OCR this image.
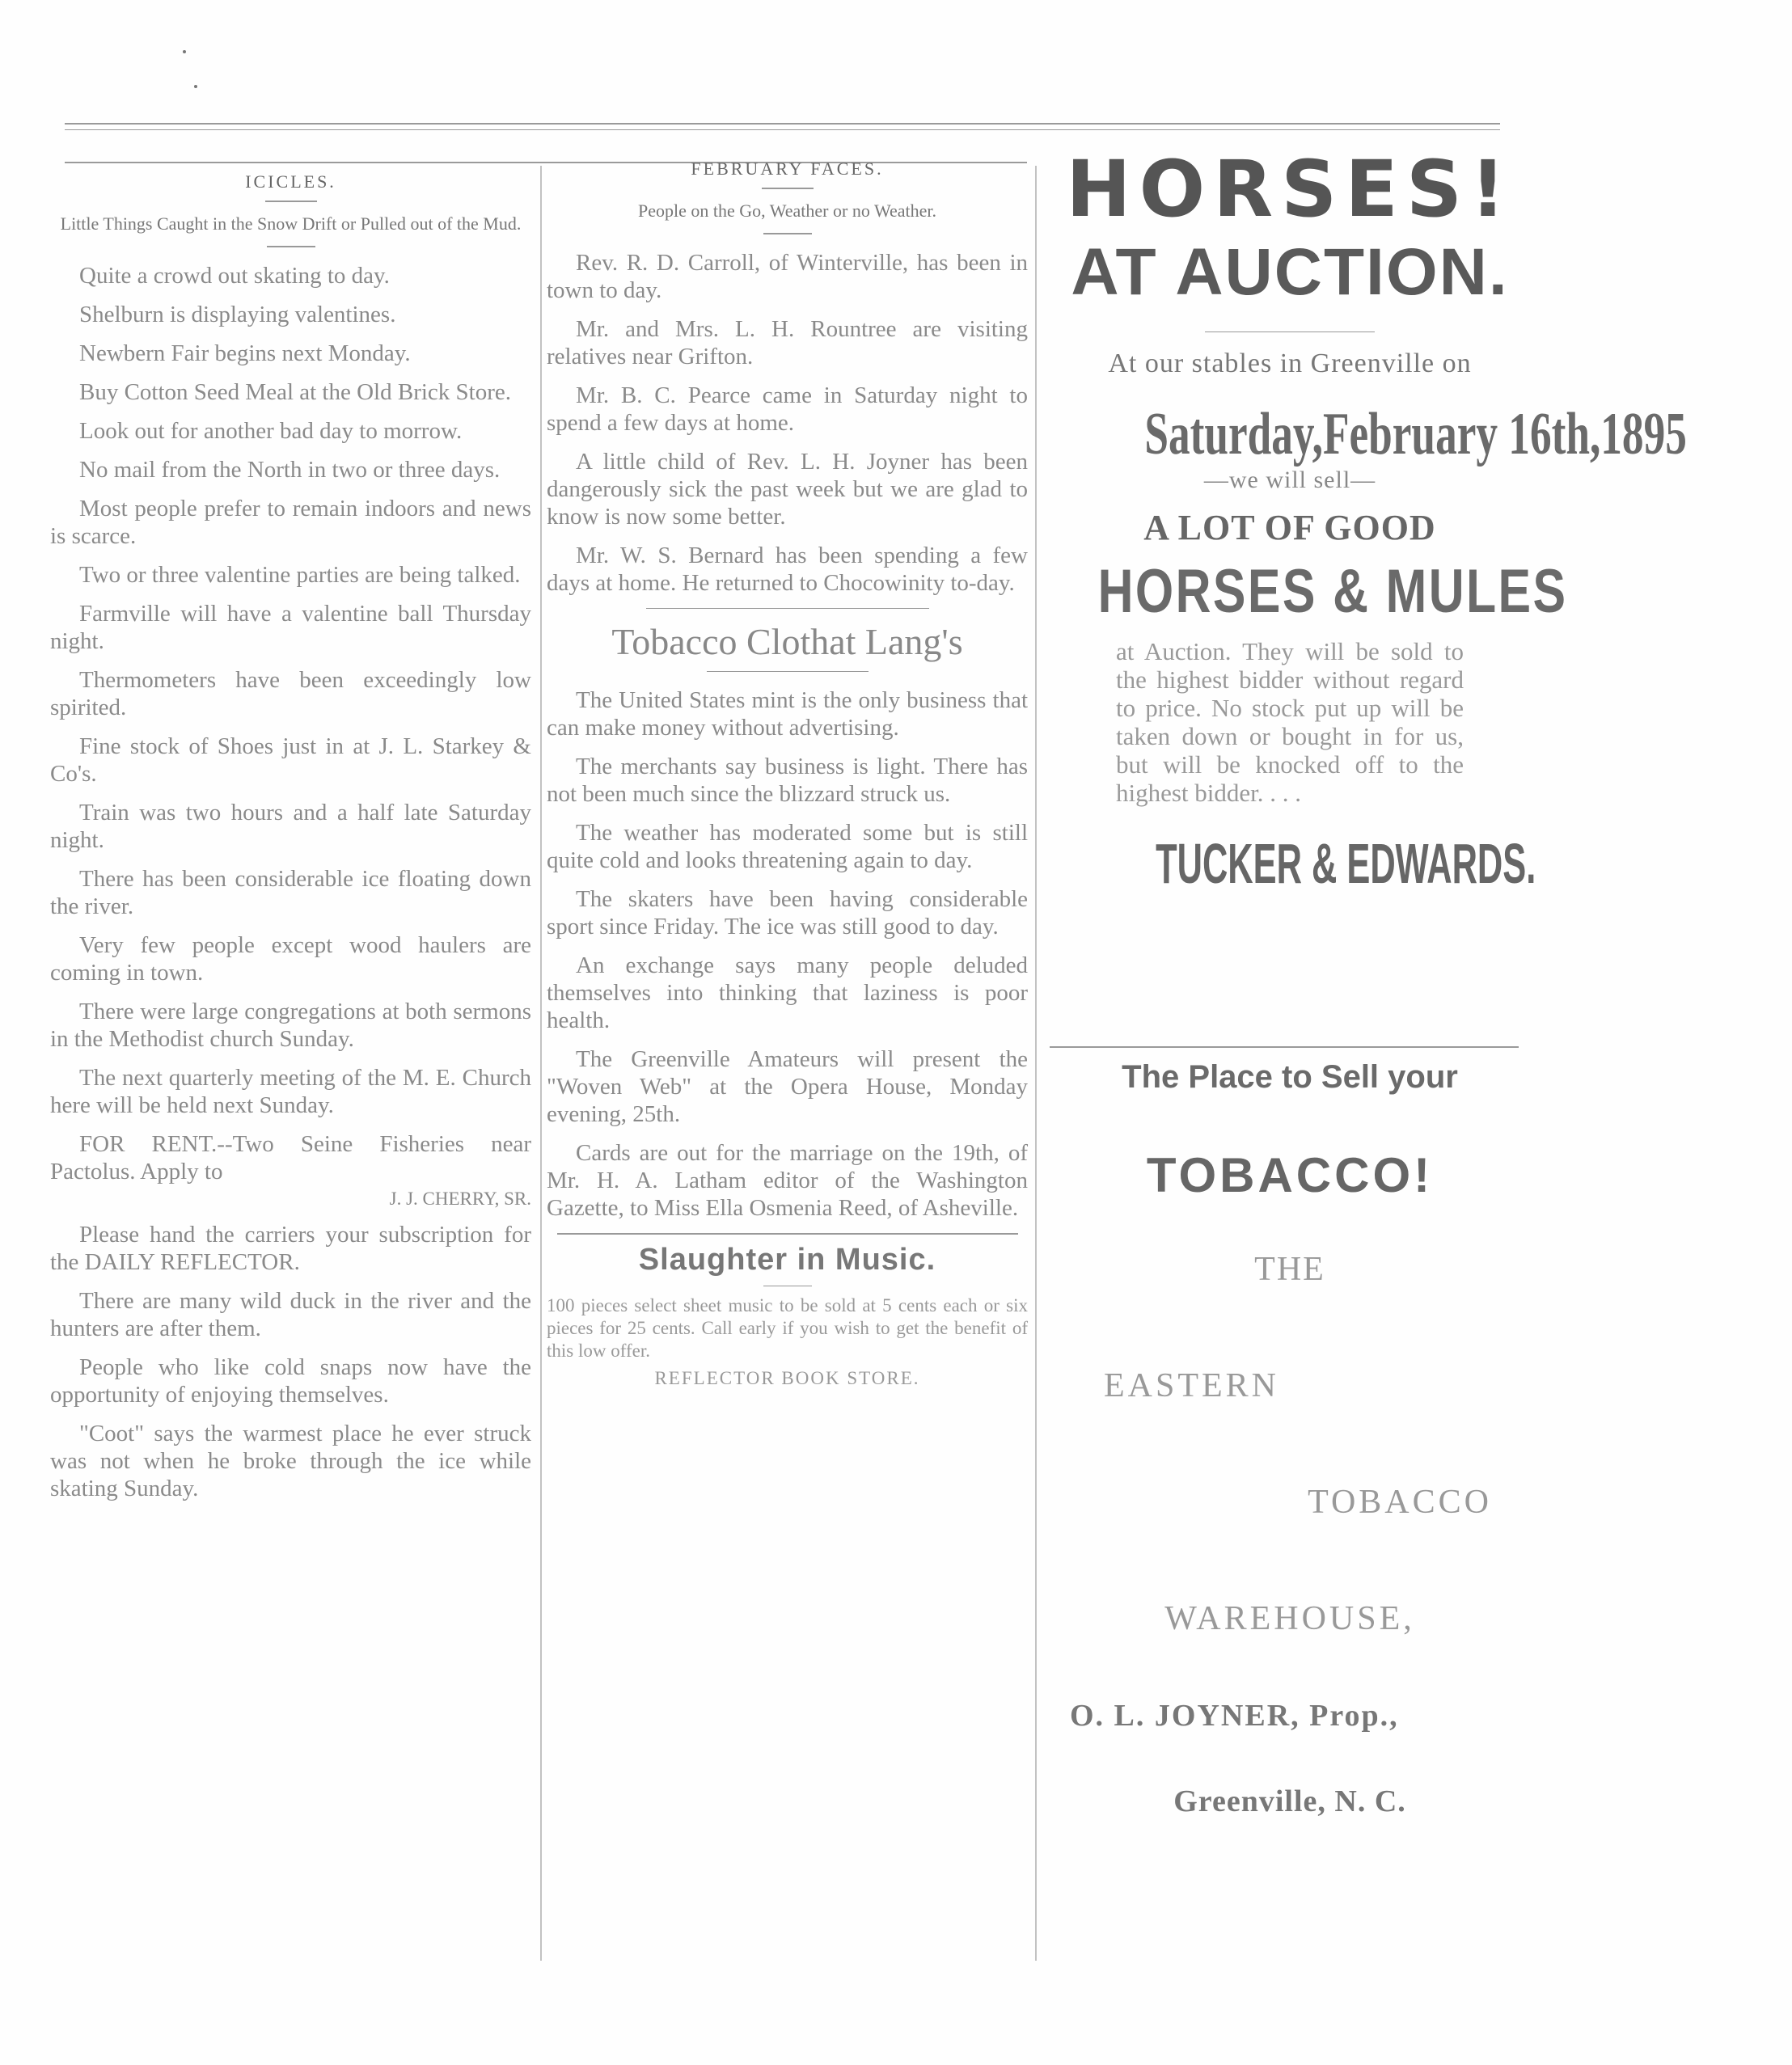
ICICLES.
Little Things Caught in the Snow Drift or Pulled out of the Mud.

Quite a crowd out skating to day.

Shelburn is displaying valentines.

Newbern Fair begins next Monday.

Buy Cotton Seed Meal at the Old Brick Store.

Look out for another bad day to morrow.

No mail from the North in two or three days.

Most people prefer to remain indoors and news is scarce.

Two or three valentine parties are being talked.

Farmville will have a valentine ball Thursday night.

Thermometers have been exceedingly low spirited.

Fine stock of Shoes just in at J. L. Starkey & Co's.

Train was two hours and a half late Saturday night.

There has been considerable ice floating down the river.

Very few people except wood haulers are coming in town.

There were large congregations at both sermons in the Methodist church Sunday.

The next quarterly meeting of the M. E. Church here will be held next Sunday.

FOR RENT.--Two Seine Fisheries near Pactolus. Apply to

J. J. CHERRY, SR.

Please hand the carriers your subscription for the DAILY REFLECTOR.

There are many wild duck in the river and the hunters are after them.

People who like cold snaps now have the opportunity of enjoying themselves.

"Coot" says the warmest place he ever struck was not when he broke through the ice while skating Sunday.

FEBRUARY FACES.
People on the Go, Weather or no Weather.

Rev. R. D. Carroll, of Winterville, has been in town to day.

Mr. and Mrs. L. H. Rountree are visiting relatives near Grifton.

Mr. B. C. Pearce came in Saturday night to spend a few days at home.

A little child of Rev. L. H. Joyner has been dangerously sick the past week but we are glad to know is now some better.

Mr. W. S. Bernard has been spending a few days at home. He returned to Chocowinity to-day.

Tobacco Clothat Lang's

The United States mint is the only business that can make money without advertising.

The merchants say business is light. There has not been much since the blizzard struck us.

The weather has moderated some but is still quite cold and looks threatening again to day.

The skaters have been having considerable sport since Friday. The ice was still good to day.

An exchange says many people deluded themselves into thinking that laziness is poor health.

The Greenville Amateurs will present the "Woven Web" at the Opera House, Monday evening, 25th.

Cards are out for the marriage on the 19th, of Mr. H. A. Latham editor of the Washington Gazette, to Miss Ella Osmenia Reed, of Asheville.

Slaughter in Music.
100 pieces select sheet music to be sold at 5 cents each or six pieces for 25 cents. Call early if you wish to get the benefit of this low offer.
REFLECTOR BOOK STORE.
HORSES!
AT AUCTION.
At our stables in Greenville on
Saturday,February 16th,1895
—we will sell—
A LOT OF GOOD
HORSES & MULES
at Auction. They will be sold to the highest bidder without regard to price. No stock put up will be taken down or bought in for us, but will be knocked off to the highest bidder. . . .
TUCKER & EDWARDS.
The Place to Sell your
TOBACCO!
THE
EASTERN
TOBACCO
WAREHOUSE,
O. L. JOYNER, Prop.,
Greenville, N. C.
